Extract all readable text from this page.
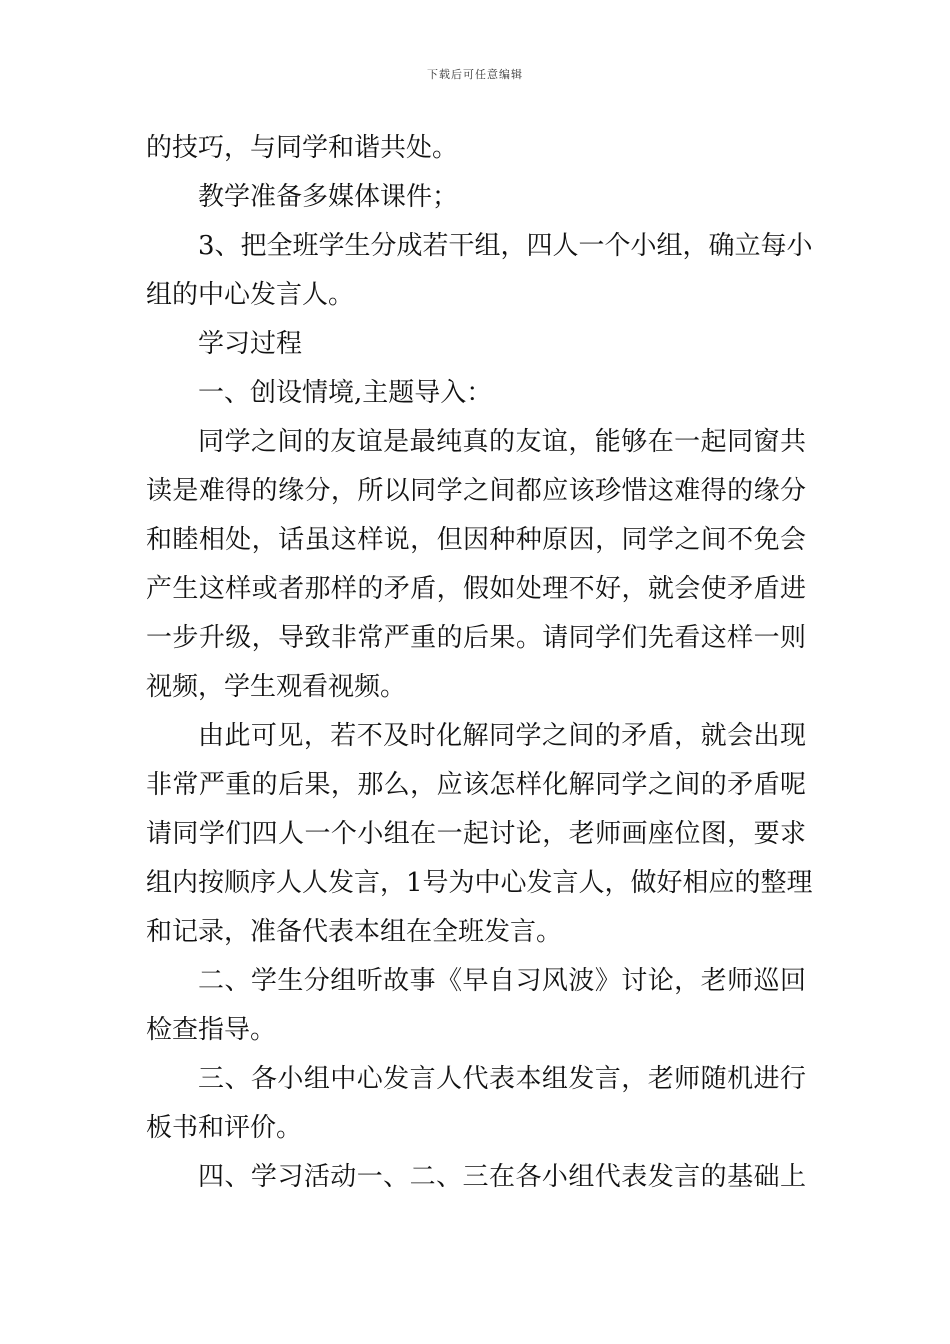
下载后可任意编辑
的技巧，与同学和谐共处。
教学准备多媒体课件；
3、把全班学生分成若干组，四人一个小组，确立每小
组的中心发言人。
学习过程
一、创设情境,主题导入：
同学之间的友谊是最纯真的友谊，能够在一起同窗共
读是难得的缘分，所以同学之间都应该珍惜这难得的缘分
和睦相处，话虽这样说，但因种种原因，同学之间不免会
产生这样或者那样的矛盾，假如处理不好，就会使矛盾进
一步升级，导致非常严重的后果。请同学们先看这样一则
视频，学生观看视频。
由此可见，若不及时化解同学之间的矛盾，就会出现
非常严重的后果，那么，应该怎样化解同学之间的矛盾呢
请同学们四人一个小组在一起讨论，老师画座位图，要求
组内按顺序人人发言，1号为中心发言人，做好相应的整理
和记录，准备代表本组在全班发言。
二、学生分组听故事《早自习风波》讨论，老师巡回
检查指导。
三、各小组中心发言人代表本组发言，老师随机进行
板书和评价。
四、学习活动一、二、三在各小组代表发言的基础上
